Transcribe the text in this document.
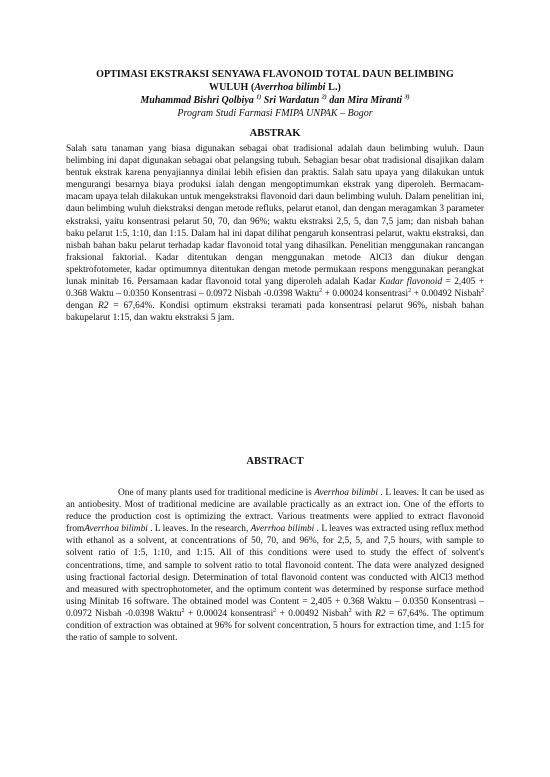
OPTIMASI EKSTRAKSI SENYAWA FLAVONOID TOTAL DAUN BELIMBING
WULUH (Averrhoa bilimbi L.)
Muhammad Bishri Qolbiya $^{1)}$ Sri Wardatun $^{2)}$ dan Mira Miranti $^{3)}$
Program Studi Farmasi FMIPA UNPAK – Bogor
ABSTRAK
Salah satu tanaman yang biasa digunakan sebagai obat tradisional adalah daun belimbing wuluh. Daun belimbing ini dapat digunakan sebagai obat pelangsing tubuh. Sebagian besar obat tradisional disajikan dalam bentuk ekstrak karena penyajiannya dinilai lebih efisien dan praktis. Salah satu upaya yang dilakukan untuk mengurangi besarnya biaya produksi ialah dengan mengoptimumkan ekstrak yang diperoleh. Bermacam-macam upaya telah dilakukan untuk mengekstraksi flavonoid dari daun belimbing wuluh. Dalam penelitian ini, daun belimbing wuluh diekstraksi dengan metode refluks, pelarut etanol, dan dengan meragamkan 3 parameter ekstraksi, yaitu konsentrasi pelarut 50, 70, dan 96%; waktu ekstraksi 2,5, 5, dan 7,5 jam; dan nisbah bahan baku pelarut 1:5, 1:10, dan 1:15. Dalam hal ini dapat dilihat pengaruh konsentrasi pelarut, waktu ekstraksi, dan nisbah bahan baku pelarut terhadap kadar flavonoid total yang dihasilkan. Penelitian menggunakan rancangan fraksional faktorial. Kadar ditentukan dengan menggunakan metode AlCl3 dan diukur dengan spektrofotometer, kadar optimumnya ditentukan dengan metode permukaan respons menggunakan perangkat lunak minitab 16. Persamaan kadar flavonoid total yang diperoleh adalah Kadar Kadar flavonoid = 2,405 + 0.368 Waktu – 0.0350 Konsentrasi – 0.0972 Nisbah -0.0398 Waktu$^2$ + 0.00024 konsentrasi$^2$ + 0.00492 Nisbah$^2$ dengan R2 = 67,64%. Kondisi optimum ekstraksi teramati pada konsentrasi pelarut 96%, nisbah bahan bakupelarut 1:15, dan waktu ekstraksi 5 jam.
ABSTRACT
One of many plants used for traditional medicine is Averrhoa bilimbi . L leaves. It can be used as an antiobesity. Most of traditional medicine are available practically as an extract ion. One of the efforts to reduce the production cost is optimizing the extract. Various treatments were applied to extract flavonoid fromAverrhoa bilimbi . L leaves. In the research, Averrhoa bilimbi . L leaves was extracted using reflux method with ethanol as a solvent, at concentrations of 50, 70, and 96%, for 2,5, 5, and 7,5 hours, with sample to solvent ratio of 1:5, 1:10, and 1:15. All of this conditions were used to study the effect of solvent's concentrations, time, and sample to solvent ratio to total flavonoid content. The data were analyzed designed using fractional factorial design. Determination of total flavonoid content was conducted with AlCl3 method and measured with spectrophotometer, and the optimum content was determined by response surface method using Minitab 16 software. The obtained model was Content = 2,405 + 0.368 Waktu – 0.0350 Konsentrasi – 0.0972 Nisbah -0.0398 Waktu$^2$ + 0.00024 konsentrasi$^2$ + 0.00492 Nisbah$^2$ with R2 = 67,64%. The optimum condition of extraction was obtained at 96% for solvent concentration, 5 hours for extraction time, and 1:15 for the ratio of sample to solvent.
